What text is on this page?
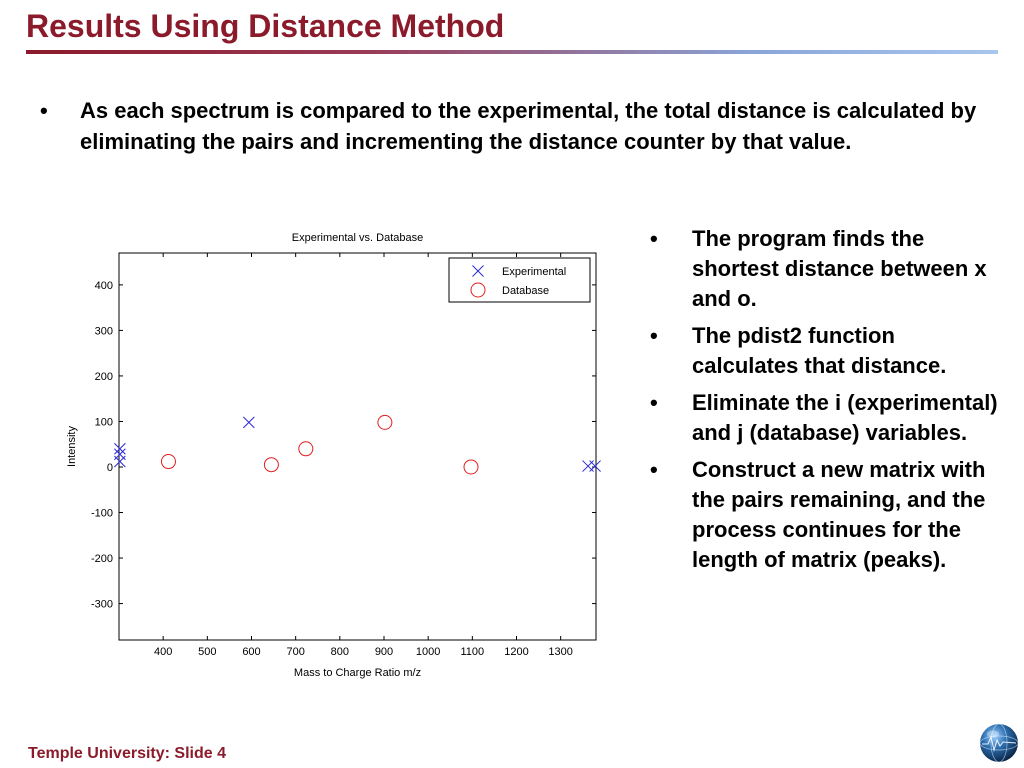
Results Using Distance Method
•	As each spectrum is compared to the experimental, the total distance is calculated by eliminating the pairs and incrementing the distance counter by that value.
Experimental vs. Database
400 500 600 700 800 900 1000 1100 1200 1300
400
300
200
100
0
-100
-200
-300
Mass to Charge Ratio m/z
Intensity
Experimental
Database
•	The program finds the shortest distance between x and o.
•	The pdist2 function calculates that distance.
•	Eliminate the i (experimental) and j (database) variables.
•	Construct a new matrix with the pairs remaining, and the process continues for the length of matrix (peaks).
Temple University: Slide 4
